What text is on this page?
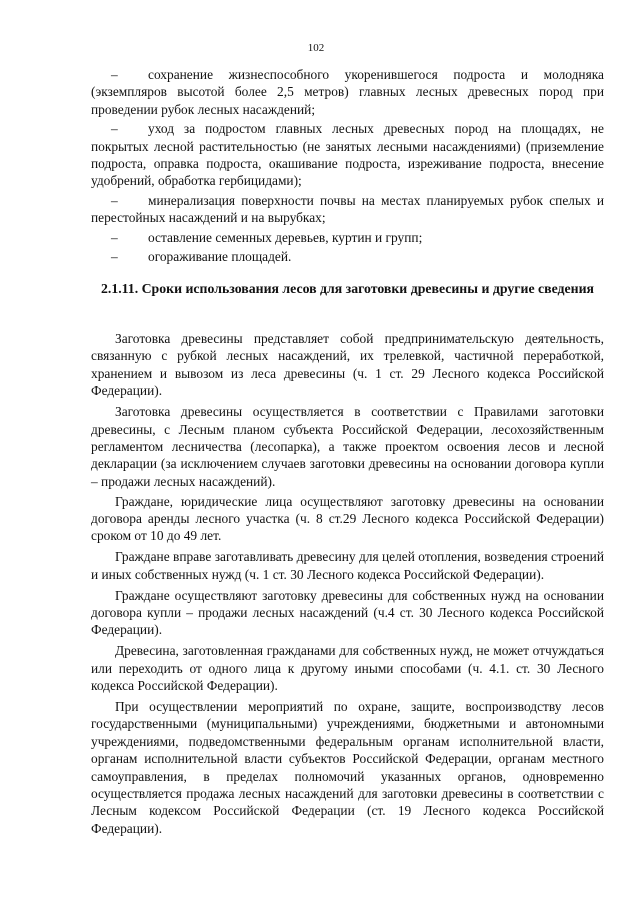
102
–	сохранение жизнеспособного укоренившегося подроста и молодняка (экземпляров высотой более 2,5 метров) главных лесных древесных пород при проведении рубок лесных насаждений;
–	уход за подростом главных лесных древесных пород на площадях, не покрытых лесной растительностью (не занятых лесными насаждениями) (приземление подроста, оправка подроста, окашивание подроста, изреживание подроста, внесение удобрений, обработка гербицидами);
–	минерализация поверхности почвы на местах планируемых рубок спелых и перестойных насаждений и на вырубках;
–	оставление семенных деревьев, куртин и групп;
–	огораживание площадей.
2.1.11. Сроки использования лесов для заготовки древесины и другие сведения

Заготовка древесины представляет собой предпринимательскую деятельность, связанную с рубкой лесных насаждений, их трелевкой, частичной переработкой, хранением и вывозом из леса древесины (ч. 1 ст. 29 Лесного кодекса Российской Федерации).

Заготовка древесины осуществляется в соответствии с Правилами заготовки древесины, с Лесным планом субъекта Российской Федерации, лесохозяйственным регламентом лесничества (лесопарка), а также проектом освоения лесов и лесной декларации (за исключением случаев заготовки древесины на основании договора купли – продажи лесных насаждений).

Граждане, юридические лица осуществляют заготовку древесины на основании договора аренды лесного участка (ч. 8 ст.29 Лесного кодекса Российской Федерации) сроком от 10 до 49 лет.

Граждане вправе заготавливать древесину для целей отопления, возведения строений и иных собственных нужд (ч. 1 ст. 30 Лесного кодекса Российской Федерации).

Граждане осуществляют заготовку древесины для собственных нужд на основании договора купли – продажи лесных насаждений (ч.4 ст. 30 Лесного кодекса Российской Федерации).

Древесина, заготовленная гражданами для собственных нужд, не может отчуждаться или переходить от одного лица к другому иными способами (ч. 4.1. ст. 30 Лесного кодекса Российской Федерации).

При осуществлении мероприятий по охране, защите, воспроизводству лесов государственными (муниципальными) учреждениями, бюджетными и автономными учреждениями, подведомственными федеральным органам исполнительной власти, органам исполнительной власти субъектов Российской Федерации, органам местного самоуправления, в пределах полномочий указанных органов, одновременно осуществляется продажа лесных насаждений для заготовки древесины в соответствии с Лесным кодексом Российской Федерации (ст. 19 Лесного кодекса Российской Федерации).
